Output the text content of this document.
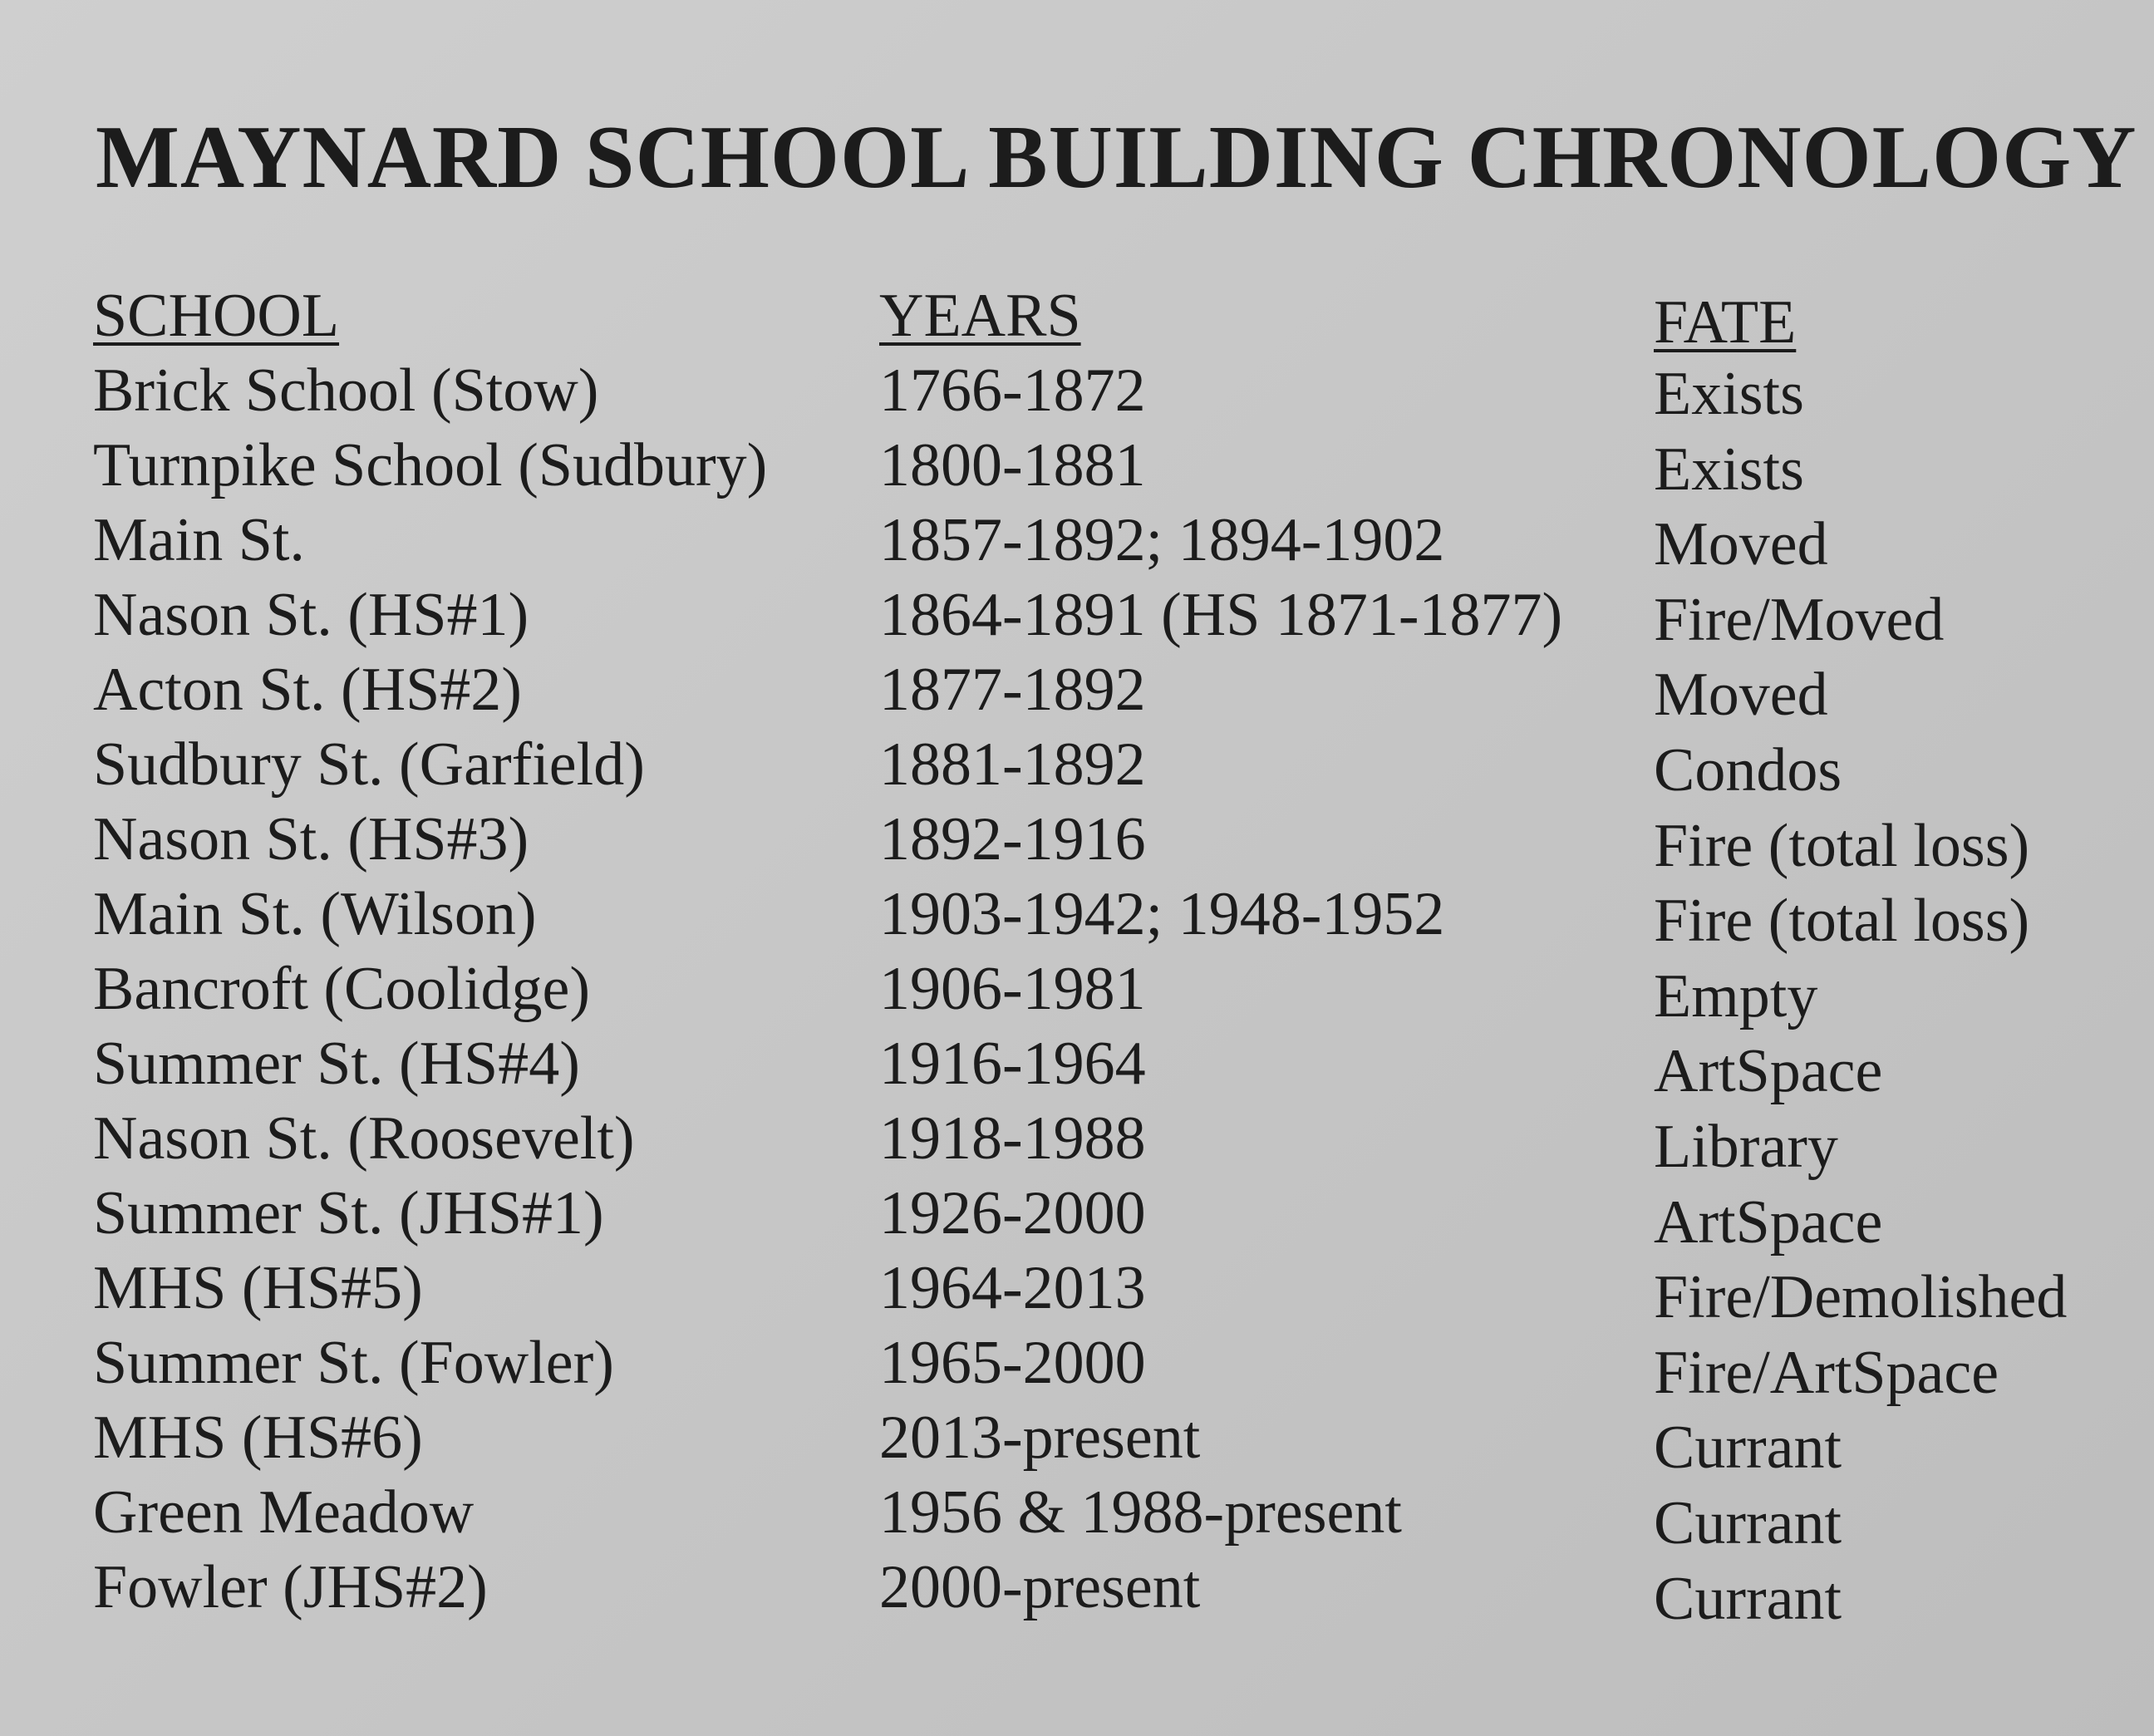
MAYNARD SCHOOL BUILDING CHRONOLOGY
SCHOOL	YEARS	FATE
Brick School (Stow)	1766-1872	Exists
Turnpike School (Sudbury) 1800-1881	Exists
Main St.	1857-1892; 1894-1902	Moved
Nason St. (HS#1)	1864-1891 (HS 1871-1877) Fire/Moved
Acton St. (HS#2)	1877-1892	Moved
Sudbury St. (Garfield)	1881-1892	Condos
Nason St. (HS#3)	1892-1916	Fire (total loss)
Main St. (Wilson)	1903-1942; 1948-1952	Fire (total loss)
Bancroft (Coolidge)	1906-1981	Empty
Summer St. (HS#4)	1916-1964	ArtSpace
Nason St. (Roosevelt)	1918-1988	Library
Summer St. (JHS#1)	1926-2000	ArtSpace
MHS (HS#5)	1964-2013	Fire/Demolished
Summer St. (Fowler)	1965-2000	Fire/ArtSpace
MHS (HS#6)	2013-present	Currant
Green Meadow	1956 & 1988-present	Currant
Fowler (JHS#2)	2000-present	Currant
